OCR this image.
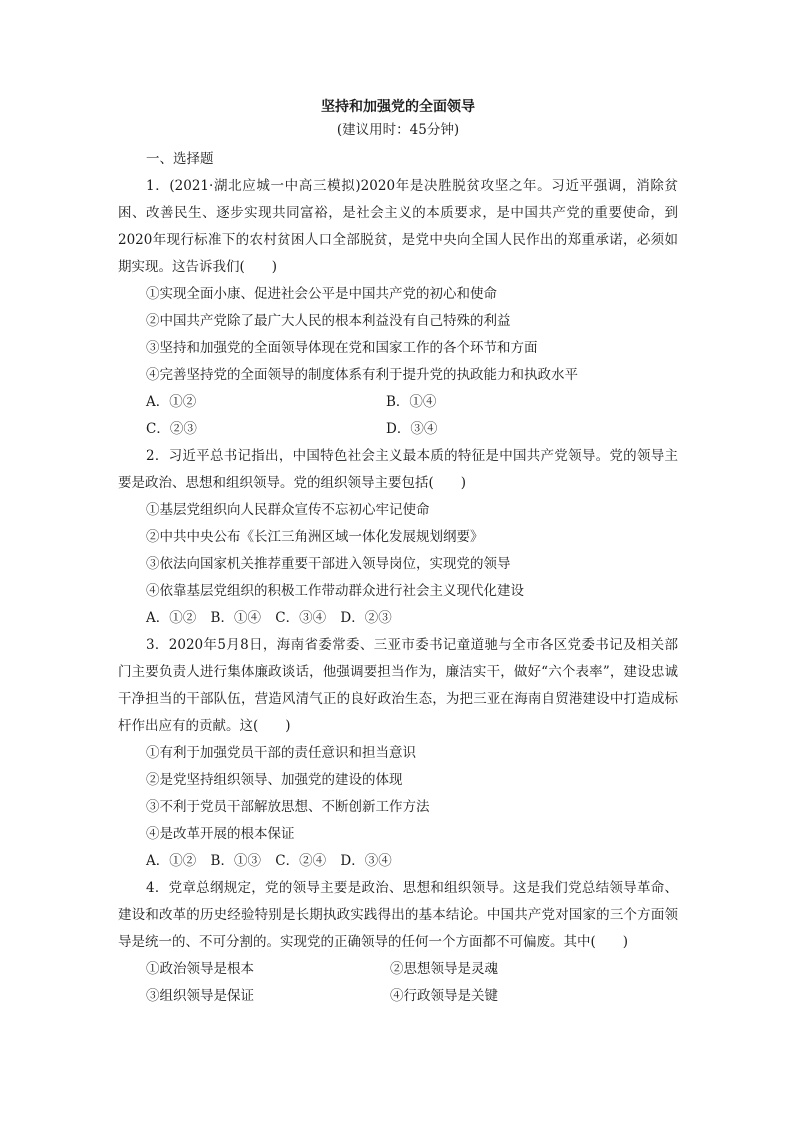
坚持和加强党的全面领导

(建议用时：45分钟)

一、选择题

1．(2021·湖北应城一中高三模拟)2020年是决胜脱贫攻坚之年。习近平强调，消除贫困、改善民生、逐步实现共同富裕，是社会主义的本质要求，是中国共产党的重要使命，到2020年现行标准下的农村贫困人口全部脱贫，是党中央向全国人民作出的郑重承诺，必须如期实现。这告诉我们(　　)

①实现全面小康、促进社会公平是中国共产党的初心和使命

②中国共产党除了最广大人民的根本利益没有自己特殊的利益

③坚持和加强党的全面领导体现在党和国家工作的各个环节和方面

④完善坚持党的全面领导的制度体系有利于提升党的执政能力和执政水平

A．①②	B．①④
C．②③	D．③④

2．习近平总书记指出，中国特色社会主义最本质的特征是中国共产党领导。党的领导主要是政治、思想和组织领导。党的组织领导主要包括(　　)

①基层党组织向人民群众宣传不忘初心牢记使命

②中共中央公布《长江三角洲区域一体化发展规划纲要》

③依法向国家机关推荐重要干部进入领导岗位，实现党的领导

④依靠基层党组织的积极工作带动群众进行社会主义现代化建设

A．①② B．①④ C．③④ D．②③

3．2020年5月8日，海南省委常委、三亚市委书记童道驰与全市各区党委书记及相关部门主要负责人进行集体廉政谈话，他强调要担当作为，廉洁实干，做好“六个表率”，建设忠诚干净担当的干部队伍，营造风清气正的良好政治生态，为把三亚在海南自贸港建设中打造成标杆作出应有的贡献。这(　　)

①有利于加强党员干部的责任意识和担当意识

②是党坚持组织领导、加强党的建设的体现

③不利于党员干部解放思想、不断创新工作方法

④是改革开展的根本保证

A．①② B．①③ C．②④ D．③④

4．党章总纲规定，党的领导主要是政治、思想和组织领导。这是我们党总结领导革命、建设和改革的历史经验特别是长期执政实践得出的基本结论。中国共产党对国家的三个方面领导是统一的、不可分割的。实现党的正确领导的任何一个方面都不可偏废。其中(　　)

①政治领导是根本	②思想领导是灵魂
③组织领导是保证	④行政领导是关键
